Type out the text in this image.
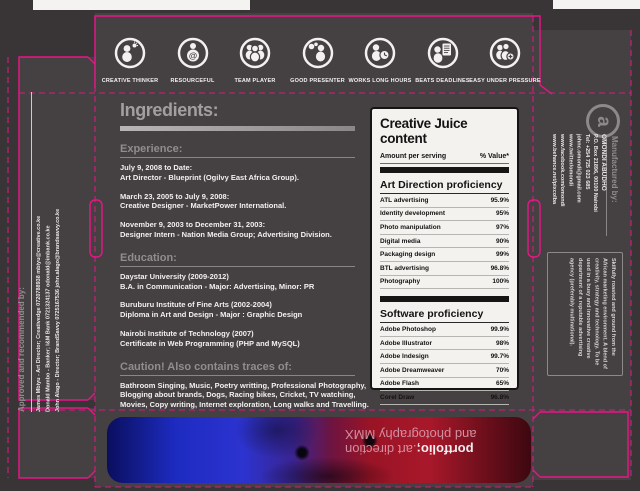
CREATIVE THINKER
@
RESOURCEFUL	TEAM PLAYER	GOOD PRESENTER WORKS LONG HOURS BEATS DEADLINES EASY UNDER PRESSURE
Ingredients:
Experience:
July 9, 2008 to Date:
Art Director - Blueprint (Ogilvy East Africa Group).
March 23, 2005 to July 9, 2008:
Creative Designer - MarketPower International.
November 9, 2003 to December 31, 2003:
Designer Intern - Nation Media Group; Advertising Division.
Education:
Daystar University (2009-2012)
B.A. in Communication - Major: Advertising, Minor: PR
Buruburu Institute of Fine Arts (2002-2004)
Diploma in Art and Design - Major : Graphic Design
Nairobi Institute of Technology (2007)
Certificate in Web Programming (PHP and MySQL)
Caution! Also contains traces of:
Bathroom Singing, Music, Poetry writting, Professional Photography, Blogging about brands, Dogs, Racing bikes, Cricket, TV watching, Movies, Copy writing, Internet exploration, Long walks and Travelling.
Creative Juice content
Amount per serving	% Value*
Art Direction proficiency
ATL advertising	95.9%
Identity development	95%
Photo manipulation	97%
Digital media	90%
Packaging design	99%
BTL advertising	96.8%
Photography	100%
Software proficiency
Adobe Photoshop	99.9%
Adobe Illustrator	98%
Adobe Indesign	99.7%
Adobe Dreamweaver	70%
Adobe Flash	65%
Corel Draw	96.8%
a
Manufactured by:
OMONDI ABUDHO
P.O. Box 21896, 00100 Nairobi
Tel: +254 725 023 685
johnc.omondi@gmail.com
www.twitter/omondi
www.facebook.com/omondi
www.behance.net/pixcolba
Skilfully roasted and ground from the African marketing environment. A blend of creativity, strategy and technology. To be used in a busy and innovative creative department of a reputable advertising agency (preferably multinational).
Approved and recommended by:	James Mbiyu - Art Director; Creativedge 0720788938 mbiyu@creative.co.ke Donald Mambo - Banker; I&M Bank 0721324137 odonald@imbank.co.ke John Alago - Director; BrandSavvy 0725167536 john.alago@brandsavvy.co.ke
portfolio;.art direction
and photography MMX
